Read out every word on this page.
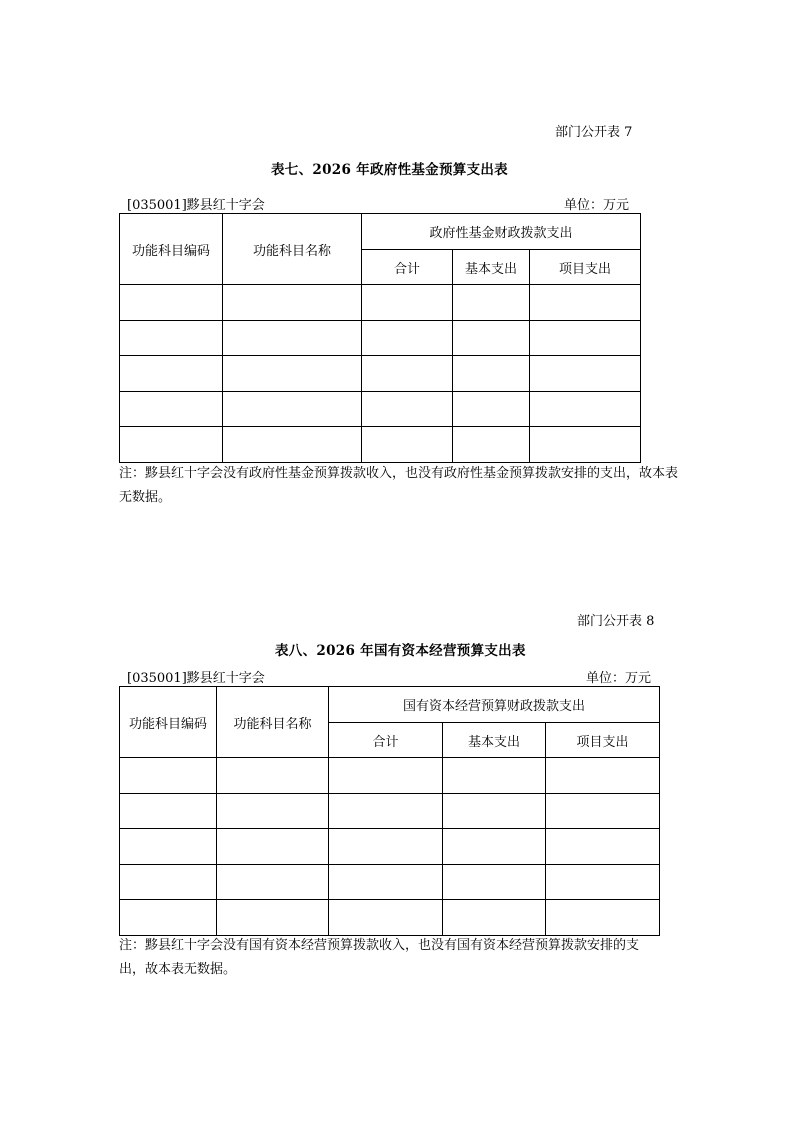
部门公开表 7
表七、2026 年政府性基金预算支出表
[035001]黟县红十字会	单位：万元
功能科目编码	功能科目名称	政府性基金财政拨款支出		
		合计	基本支出	项目支出

注：黟县红十字会没有政府性基金预算拨款收入，也没有政府性基金预算拨款安排的支出，故本表无数据。
部门公开表 8
表八、2026 年国有资本经营预算支出表
[035001]黟县红十字会	单位：万元
功能科目编码	功能科目名称	国有资本经营预算财政拨款支出		
		合计	基本支出	项目支出

注：黟县红十字会没有国有资本经营预算拨款收入，也没有国有资本经营预算拨款安排的支出，故本表无数据。
